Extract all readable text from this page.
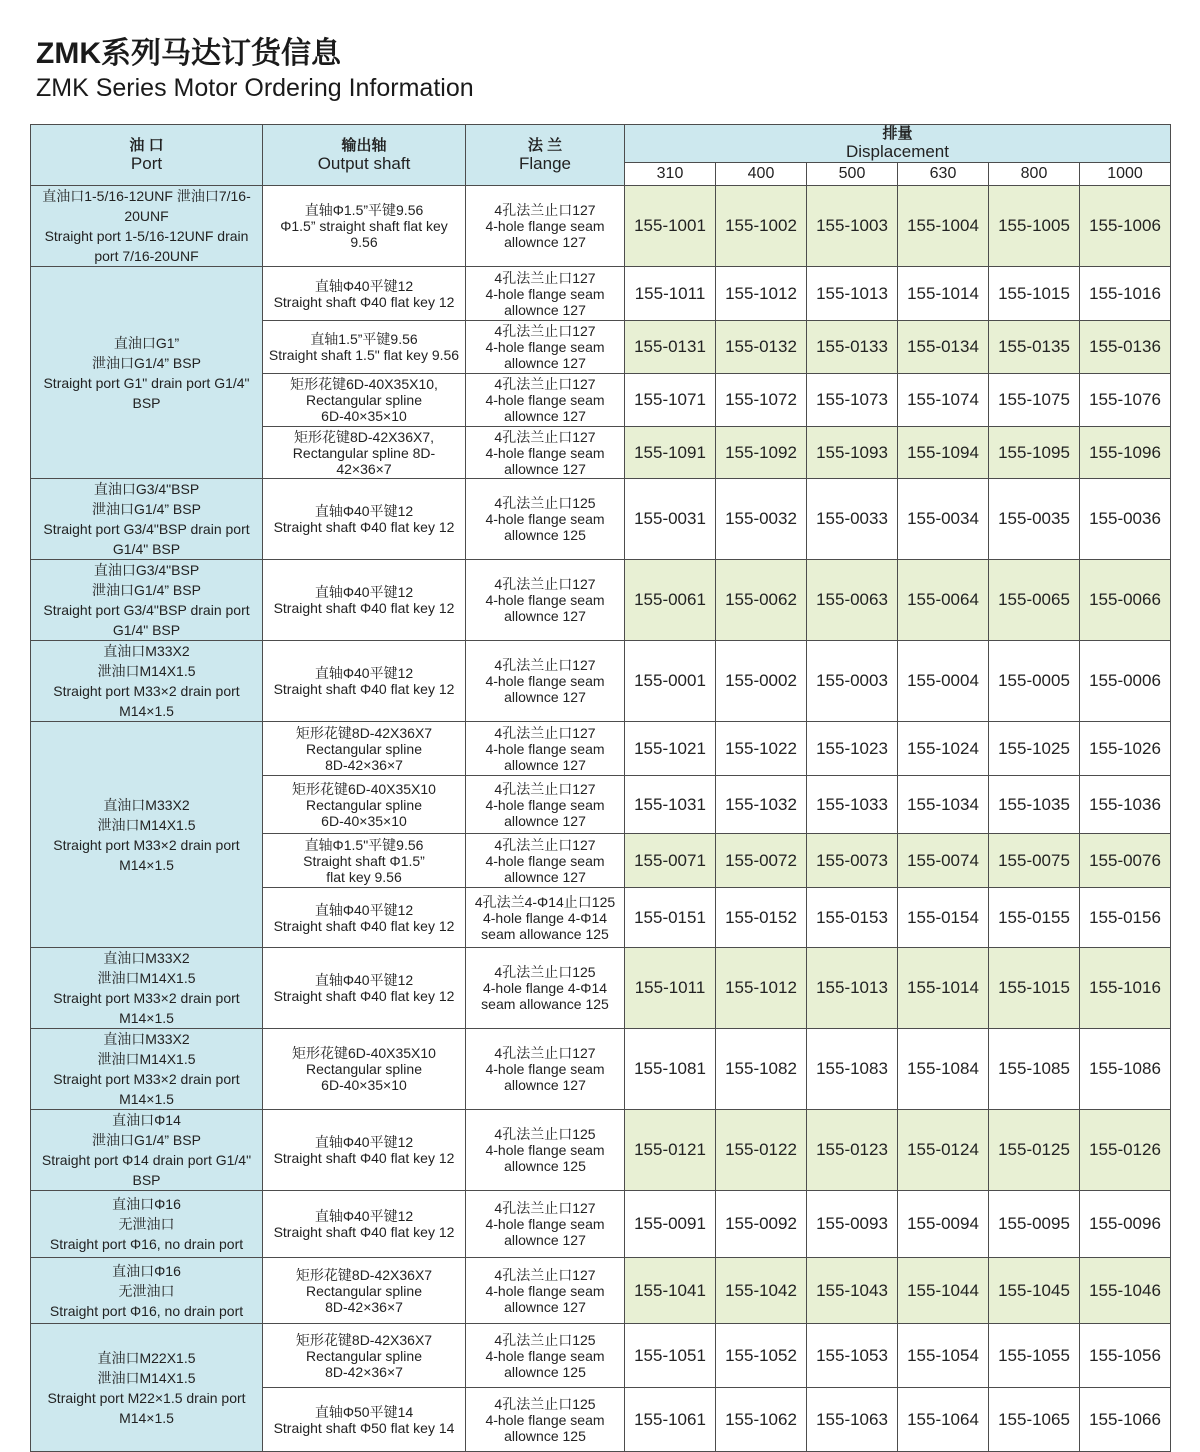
ZMK系列马达订货信息
ZMK Series Motor Ordering Information
油 口
Port	输出轴
Output shaft	法 兰
Flange	排量
Displacement					

			310	400	500	630	800	1000

直油口1-5/16-12UNF 泄油口7/16-20UNF
Straight port 1-5/16-12UNF drain port 7/16-20UNF	直轴Φ1.5”平键9.56
Φ1.5” straight shaft flat key 9.56	4孔法兰止口127
4-hole flange seam
allownce 127	155-1001	155-1002	155-1003	155-1004	155-1005	155-1006

直油口G1”
泄油口G1/4” BSP
Straight port G1" drain port G1/4" BSP	直轴Φ40平键12
Straight shaft Φ40 flat key 12	4孔法兰止口127
4-hole flange seam
allownce 127	155-1011	155-1012	155-1013	155-1014	155-1015	155-1016

	直轴1.5”平键9.56
Straight shaft 1.5" flat key 9.56	4孔法兰止口127
4-hole flange seam
allownce 127	155-0131	155-0132	155-0133	155-0134	155-0135	155-0136

	矩形花键6D-40X35X10,
Rectangular spline
6D-40×35×10	4孔法兰止口127
4-hole flange seam
allownce 127	155-1071	155-1072	155-1073	155-1074	155-1075	155-1076

	矩形花键8D-42X36X7,
Rectangular spline 8D-
42×36×7	4孔法兰止口127
4-hole flange seam
allownce 127	155-1091	155-1092	155-1093	155-1094	155-1095	155-1096

直油口G3/4"BSP
泄油口G1/4” BSP
Straight port G3/4"BSP drain port G1/4" BSP	直轴Φ40平键12
Straight shaft Φ40 flat key 12	4孔法兰止口125
4-hole flange seam
allownce 125	155-0031	155-0032	155-0033	155-0034	155-0035	155-0036

直油口G3/4"BSP
泄油口G1/4” BSP
Straight port G3/4"BSP drain port G1/4" BSP	直轴Φ40平键12
Straight shaft Φ40 flat key 12	4孔法兰止口127
4-hole flange seam
allownce 127	155-0061	155-0062	155-0063	155-0064	155-0065	155-0066

直油口M33X2
泄油口M14X1.5
Straight port M33×2 drain port M14×1.5	直轴Φ40平键12
Straight shaft Φ40 flat key 12	4孔法兰止口127
4-hole flange seam
allownce 127	155-0001	155-0002	155-0003	155-0004	155-0005	155-0006

直油口M33X2
泄油口M14X1.5
Straight port M33×2 drain port M14×1.5	矩形花键8D-42X36X7
Rectangular spline
8D-42×36×7	4孔法兰止口127
4-hole flange seam
allownce 127	155-1021	155-1022	155-1023	155-1024	155-1025	155-1026

	矩形花键6D-40X35X10
Rectangular spline
6D-40×35×10	4孔法兰止口127
4-hole flange seam
allownce 127	155-1031	155-1032	155-1033	155-1034	155-1035	155-1036

	直轴Φ1.5"平键9.56
Straight shaft Φ1.5”
flat key 9.56	4孔法兰止口127
4-hole flange seam
allownce 127	155-0071	155-0072	155-0073	155-0074	155-0075	155-0076

	直轴Φ40平键12
Straight shaft Φ40 flat key 12	4孔法兰4-Φ14止口125
4-hole flange 4-Φ14
seam allowance 125	155-0151	155-0152	155-0153	155-0154	155-0155	155-0156

直油口M33X2
泄油口M14X1.5
Straight port M33×2 drain port M14×1.5	直轴Φ40平键12
Straight shaft Φ40 flat key 12	4孔法兰止口125
4-hole flange 4-Φ14
seam allowance 125	155-1011	155-1012	155-1013	155-1014	155-1015	155-1016

直油口M33X2
泄油口M14X1.5
Straight port M33×2 drain port M14×1.5	矩形花键6D-40X35X10
Rectangular spline
6D-40×35×10	4孔法兰止口127
4-hole flange seam
allownce 127	155-1081	155-1082	155-1083	155-1084	155-1085	155-1086

直油口Φ14
泄油口G1/4” BSP
Straight port Φ14 drain port G1/4" BSP	直轴Φ40平键12
Straight shaft Φ40 flat key 12	4孔法兰止口125
4-hole flange seam
allownce 125	155-0121	155-0122	155-0123	155-0124	155-0125	155-0126

直油口Φ16
无泄油口
Straight port Φ16, no drain port	直轴Φ40平键12
Straight shaft Φ40 flat key 12	4孔法兰止口127
4-hole flange seam
allownce 127	155-0091	155-0092	155-0093	155-0094	155-0095	155-0096

直油口Φ16
无泄油口
Straight port Φ16, no drain port	矩形花键8D-42X36X7
Rectangular spline
8D-42×36×7	4孔法兰止口127
4-hole flange seam
allownce 127	155-1041	155-1042	155-1043	155-1044	155-1045	155-1046

直油口M22X1.5
泄油口M14X1.5
Straight port M22×1.5 drain port M14×1.5	矩形花键8D-42X36X7
Rectangular spline
8D-42×36×7	4孔法兰止口125
4-hole flange seam
allownce 125	155-1051	155-1052	155-1053	155-1054	155-1055	155-1056

	直轴Φ50平键14
Straight shaft Φ50 flat key 14	4孔法兰止口125
4-hole flange seam
allownce 125	155-1061	155-1062	155-1063	155-1064	155-1065	155-1066
